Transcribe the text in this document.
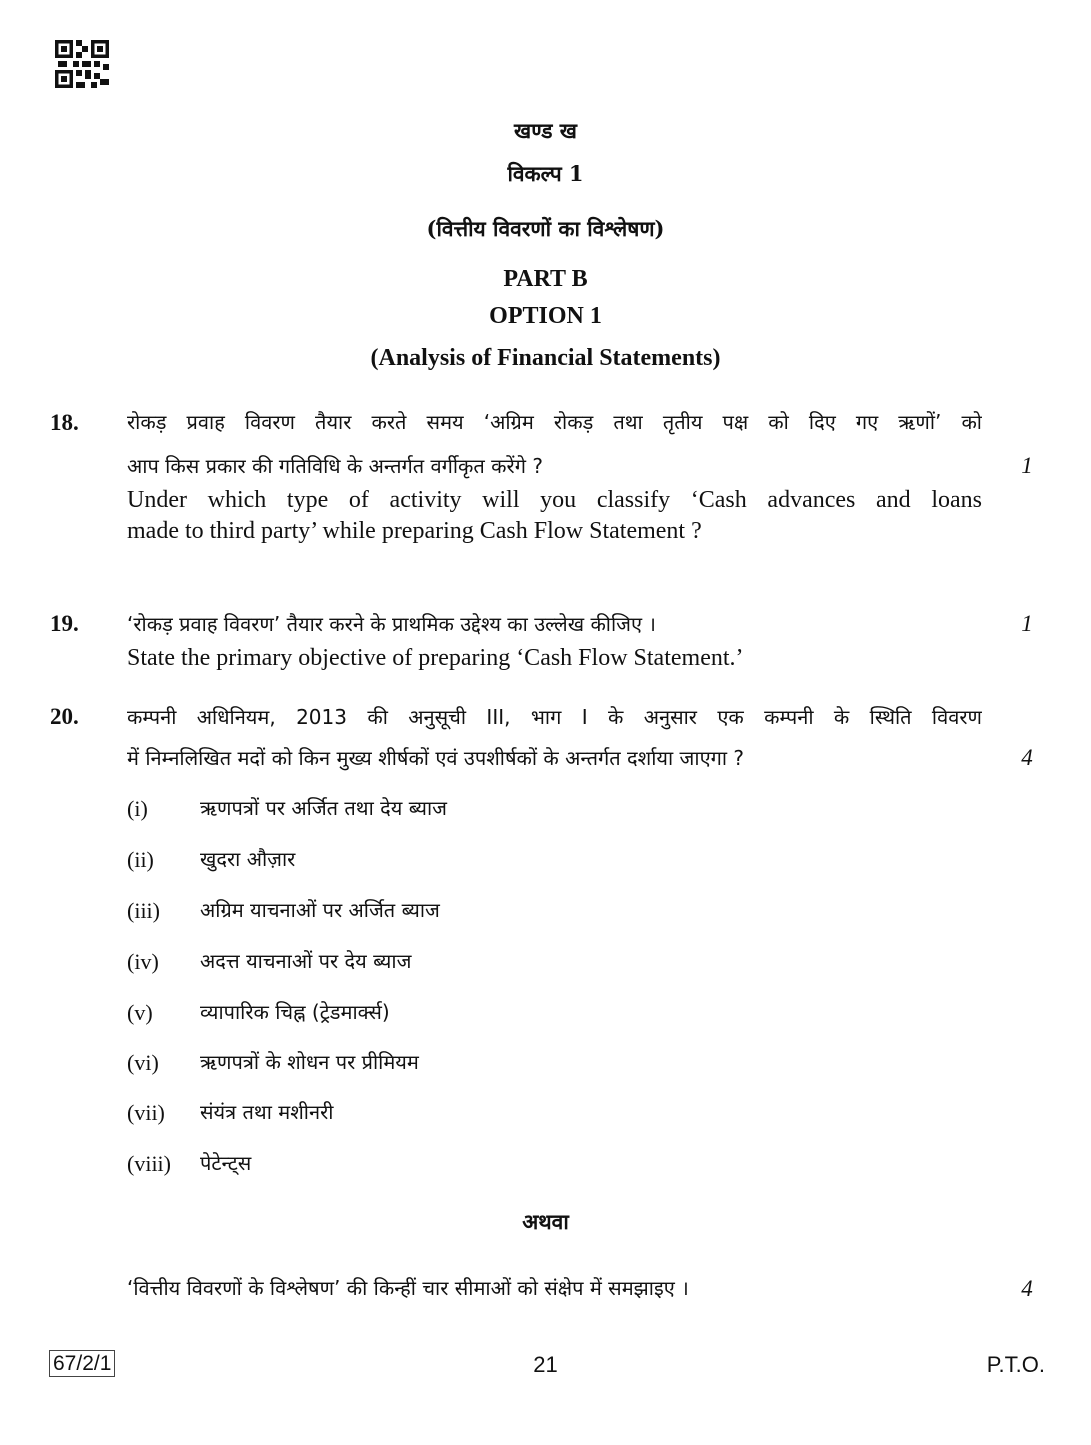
खण्ड ख
विकल्प 1
(वित्तीय विवरणों का विश्लेषण)
PART B
OPTION 1
(Analysis of Financial Statements)
18. रोकड़ प्रवाह विवरण तैयार करते समय ‘अग्रिम रोकड़ तथा तृतीय पक्ष को दिए गए ऋणों’ को
आप किस प्रकार की गतिविधि के अन्तर्गत वर्गीकृत करेंगे ?	1
Under which type of activity will you classify ‘Cash advances and loans
made to third party’ while preparing Cash Flow Statement ?
19. ‘रोकड़ प्रवाह विवरण’ तैयार करने के प्राथमिक उद्देश्य का उल्लेख कीजिए ।	1
State the primary objective of preparing ‘Cash Flow Statement.’
20. कम्पनी अधिनियम, 2013 की अनुसूची III, भाग I के अनुसार एक कम्पनी के स्थिति विवरण
में निम्नलिखित मदों को किन मुख्य शीर्षकों एवं उपशीर्षकों के अन्तर्गत दर्शाया जाएगा ?	4
(i)	ऋणपत्रों पर अर्जित तथा देय ब्याज
(ii) खुदरा औज़ार
(iii) अग्रिम याचनाओं पर अर्जित ब्याज
(iv) अदत्त याचनाओं पर देय ब्याज
(v) व्यापारिक चिह्न (ट्रेडमार्क्स)
(vi) ऋणपत्रों के शोधन पर प्रीमियम
(vii) संयंत्र तथा मशीनरी
(viii) पेटेन्ट्स
अथवा
‘वित्तीय विवरणों के विश्लेषण’ की किन्हीं चार सीमाओं को संक्षेप में समझाइए ।	4
67/2/1	21	P.T.O.
